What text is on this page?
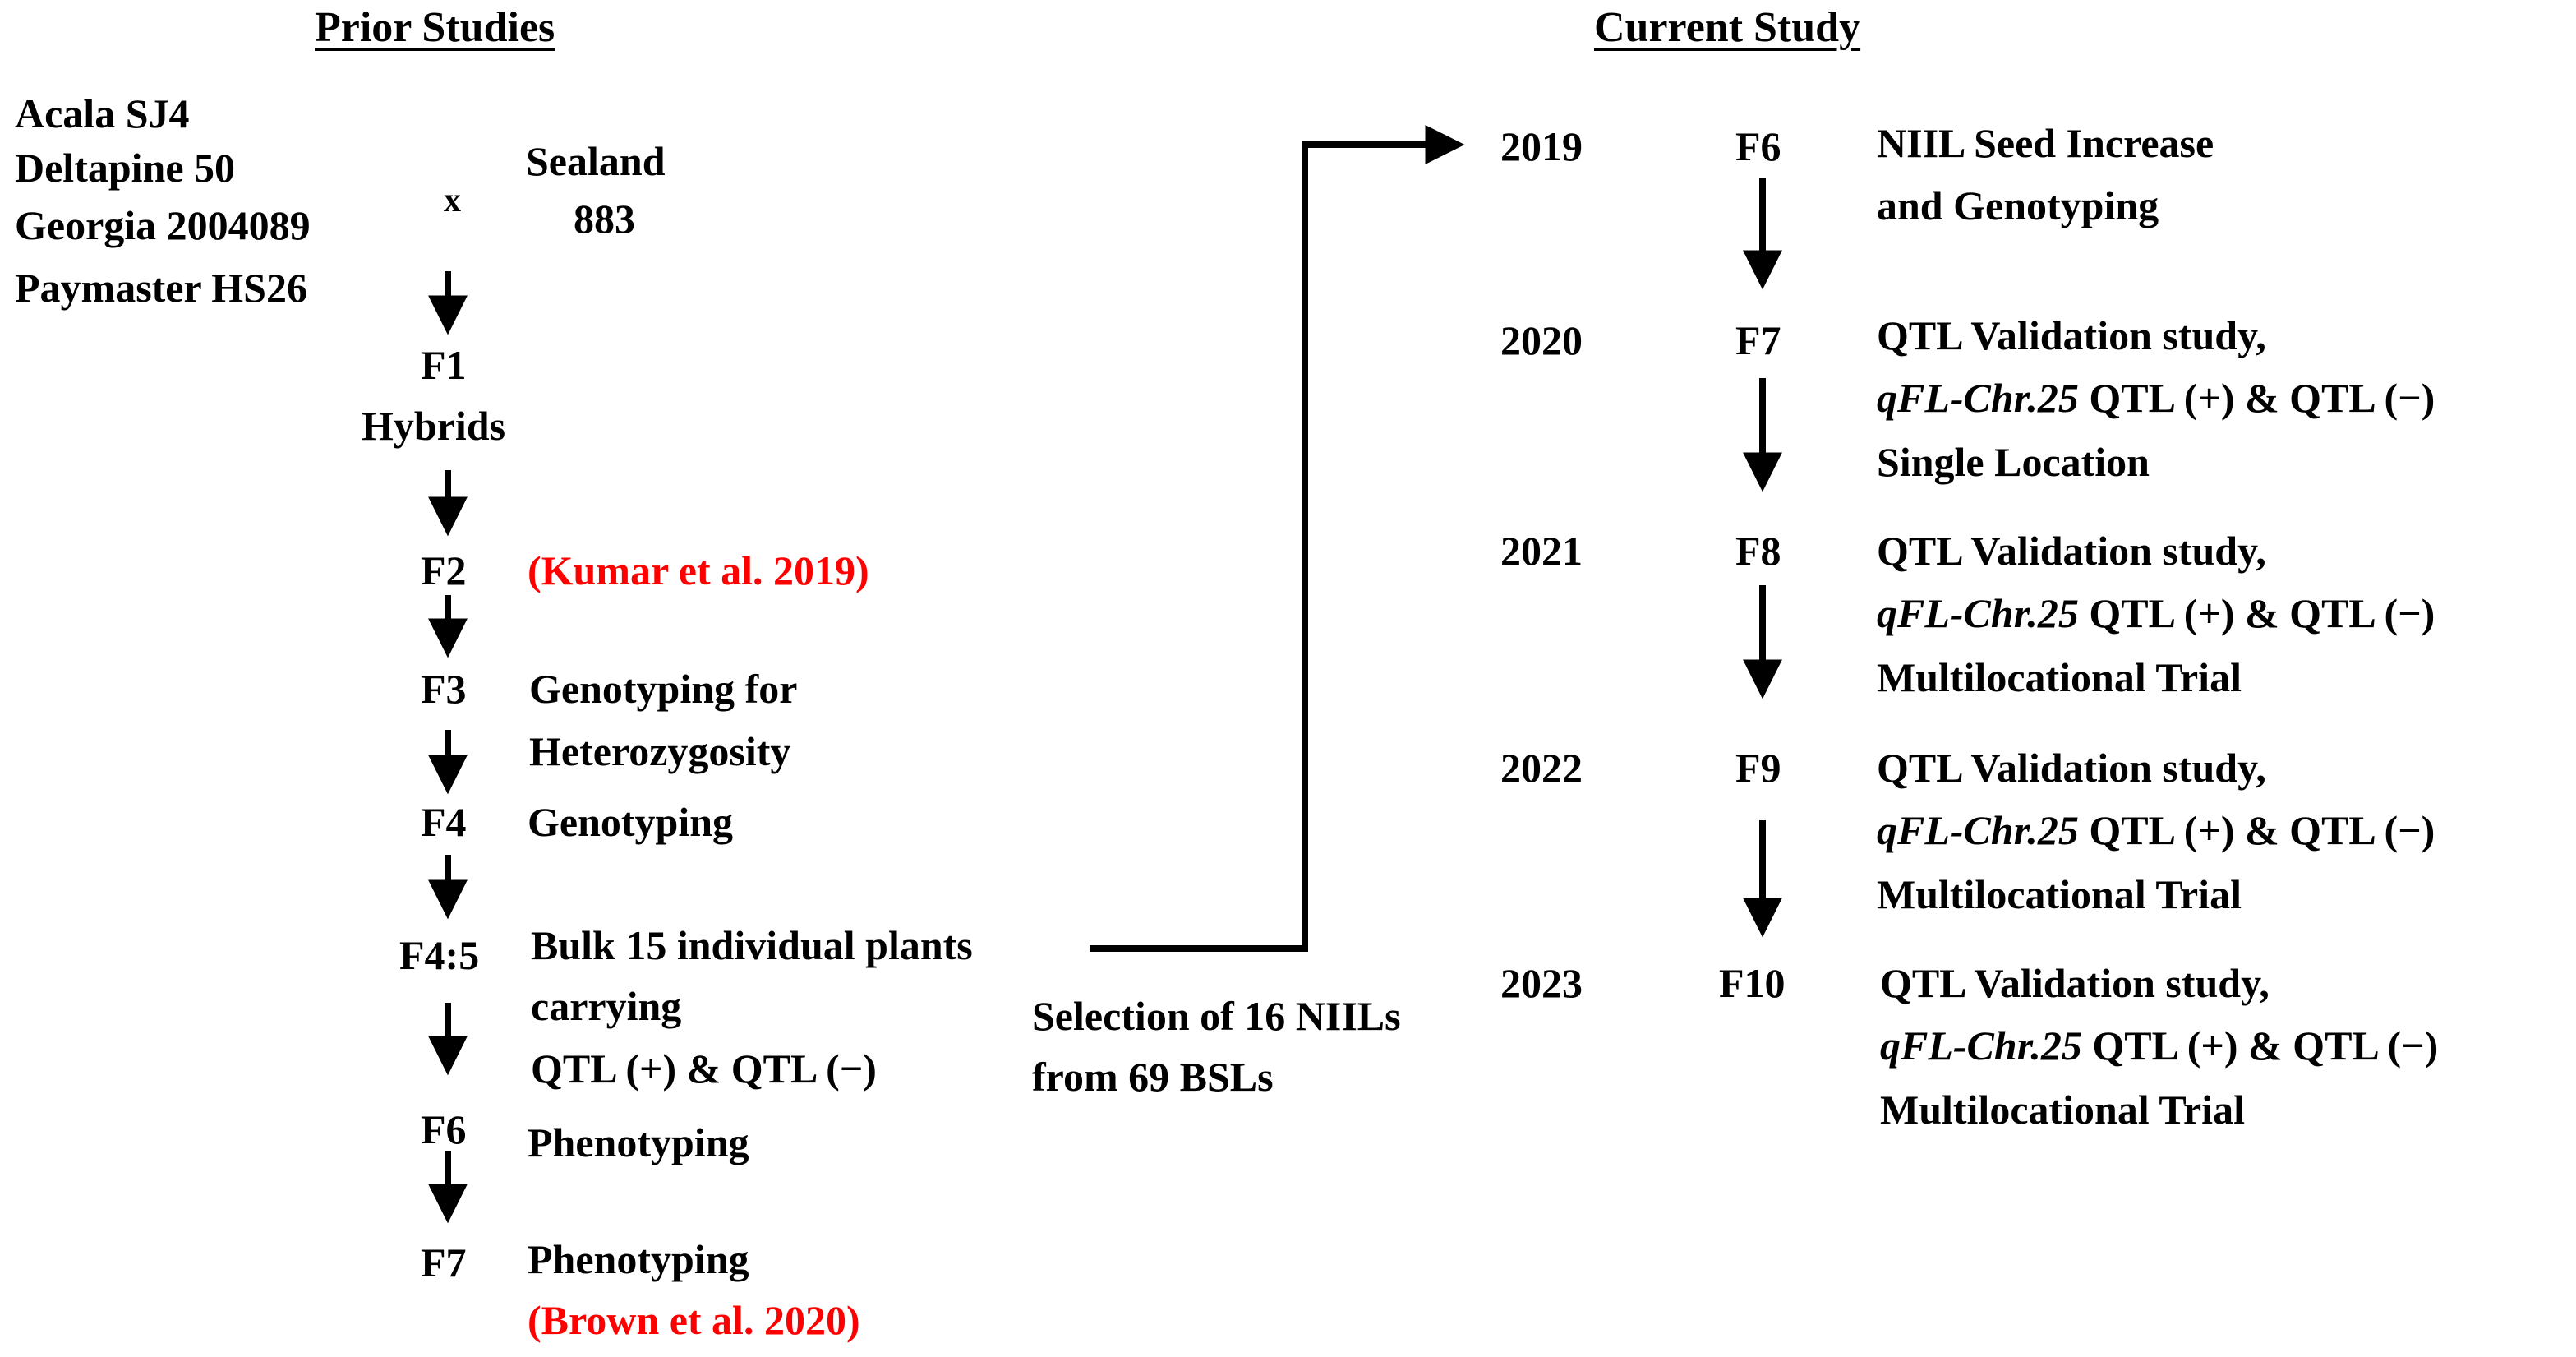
Prior Studies	Current Study
Acala SJ4
Deltapine 50
Georgia 2004089
Paymaster HS26
x
Sealand
883
F1
Hybrids
F2 (Kumar et al. 2019)
F3 Genotyping for
Heterozygosity
F4 Genotyping
F4:5 Bulk 15 individual plants
carrying
QTL (+) & QTL (−)
F6 Phenotyping
F7 Phenotyping
(Brown et al. 2020)
Selection of 16 NIILs
from 69 BSLs
2019	F6 NIIL Seed Increase
and Genotyping
2020	F7 QTL Validation study,
qFL-Chr.25 QTL (+) & QTL (−)
Single Location
2021	F8 QTL Validation study,
qFL-Chr.25 QTL (+) & QTL (−)
Multilocational Trial
2022	F9 QTL Validation study,
qFL-Chr.25 QTL (+) & QTL (−)
Multilocational Trial
2023	F10 QTL Validation study,
qFL-Chr.25 QTL (+) & QTL (−)
Multilocational Trial
